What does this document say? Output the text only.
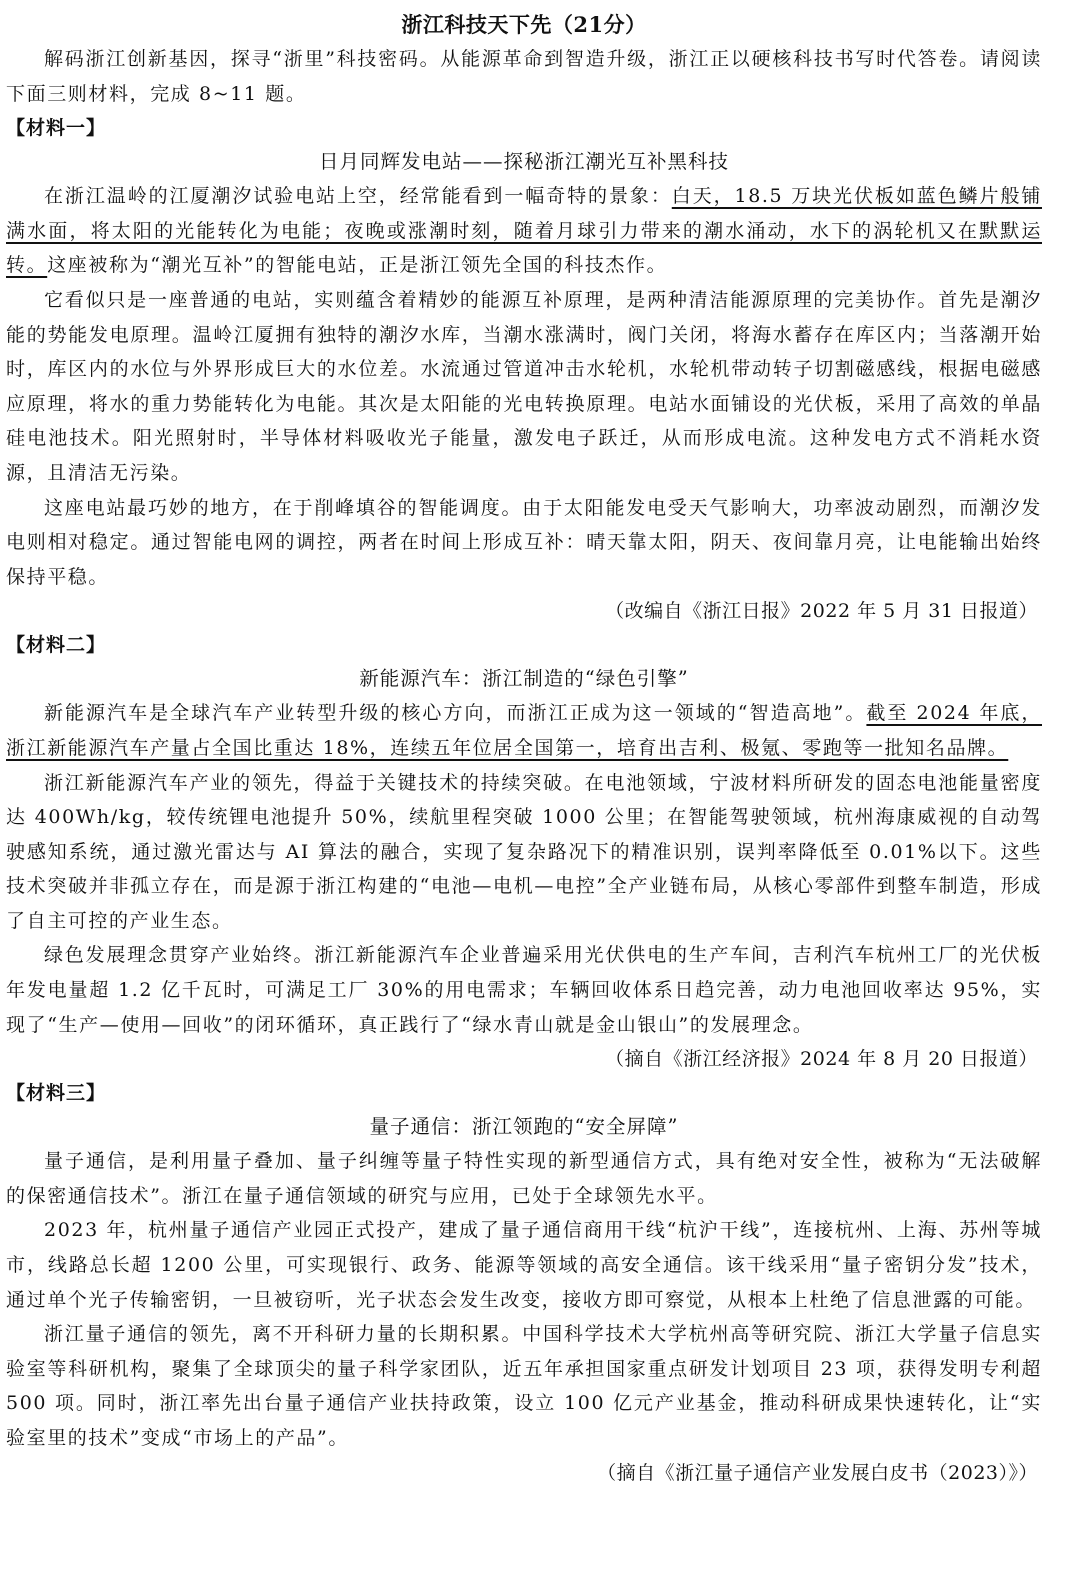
浙江科技天下先（21分）

解码浙江创新基因，探寻“浙里”科技密码。从能源革命到智造升级，浙江正以硬核科技书写时代答卷。请阅读下面三则材料，完成 8~11 题。

【材料一】

日月同辉发电站——探秘浙江潮光互补黑科技

在浙江温岭的江厦潮汐试验电站上空，经常能看到一幅奇特的景象：白天，18.5 万块光伏板如蓝色鳞片般铺满水面，将太阳的光能转化为电能；夜晚或涨潮时刻，随着月球引力带来的潮水涌动，水下的涡轮机又在默默运转。这座被称为“潮光互补”的智能电站，正是浙江领先全国的科技杰作。

它看似只是一座普通的电站，实则蕴含着精妙的能源互补原理，是两种清洁能源原理的完美协作。首先是潮汐能的势能发电原理。温岭江厦拥有独特的潮汐水库，当潮水涨满时，阀门关闭，将海水蓄存在库区内；当落潮开始时，库区内的水位与外界形成巨大的水位差。水流通过管道冲击水轮机，水轮机带动转子切割磁感线，根据电磁感应原理，将水的重力势能转化为电能。其次是太阳能的光电转换原理。电站水面铺设的光伏板，采用了高效的单晶硅电池技术。阳光照射时，半导体材料吸收光子能量，激发电子跃迁，从而形成电流。这种发电方式不消耗水资源，且清洁无污染。

这座电站最巧妙的地方，在于削峰填谷的智能调度。由于太阳能发电受天气影响大，功率波动剧烈，而潮汐发电则相对稳定。通过智能电网的调控，两者在时间上形成互补：晴天靠太阳，阴天、夜间靠月亮，让电能输出始终保持平稳。

（改编自《浙江日报》2022 年 5 月 31 日报道）

【材料二】

新能源汽车：浙江制造的“绿色引擎”

新能源汽车是全球汽车产业转型升级的核心方向，而浙江正成为这一领域的“智造高地”。截至 2024 年底，浙江新能源汽车产量占全国比重达 18%，连续五年位居全国第一，培育出吉利、极氪、零跑等一批知名品牌。

浙江新能源汽车产业的领先，得益于关键技术的持续突破。在电池领域，宁波材料所研发的固态电池能量密度达 400Wh/kg，较传统锂电池提升 50%，续航里程突破 1000 公里；在智能驾驶领域，杭州海康威视的自动驾驶感知系统，通过激光雷达与 AI 算法的融合，实现了复杂路况下的精准识别，误判率降低至 0.01%以下。这些技术突破并非孤立存在，而是源于浙江构建的“电池—电机—电控”全产业链布局，从核心零部件到整车制造，形成了自主可控的产业生态。

绿色发展理念贯穿产业始终。浙江新能源汽车企业普遍采用光伏供电的生产车间，吉利汽车杭州工厂的光伏板年发电量超 1.2 亿千瓦时，可满足工厂 30%的用电需求；车辆回收体系日趋完善，动力电池回收率达 95%，实现了“生产—使用—回收”的闭环循环，真正践行了“绿水青山就是金山银山”的发展理念。

（摘自《浙江经济报》2024 年 8 月 20 日报道）

【材料三】

量子通信：浙江领跑的“安全屏障”

量子通信，是利用量子叠加、量子纠缠等量子特性实现的新型通信方式，具有绝对安全性，被称为“无法破解的保密通信技术”。浙江在量子通信领域的研究与应用，已处于全球领先水平。

2023 年，杭州量子通信产业园正式投产，建成了量子通信商用干线“杭沪干线”，连接杭州、上海、苏州等城市，线路总长超 1200 公里，可实现银行、政务、能源等领域的高安全通信。该干线采用“量子密钥分发”技术，通过单个光子传输密钥，一旦被窃听，光子状态会发生改变，接收方即可察觉，从根本上杜绝了信息泄露的可能。

浙江量子通信的领先，离不开科研力量的长期积累。中国科学技术大学杭州高等研究院、浙江大学量子信息实验室等科研机构，聚集了全球顶尖的量子科学家团队，近五年承担国家重点研发计划项目 23 项，获得发明专利超 500 项。同时，浙江率先出台量子通信产业扶持政策，设立 100 亿元产业基金，推动科研成果快速转化，让“实验室里的技术”变成“市场上的产品”。

（摘自《浙江量子通信产业发展白皮书（2023）》）
